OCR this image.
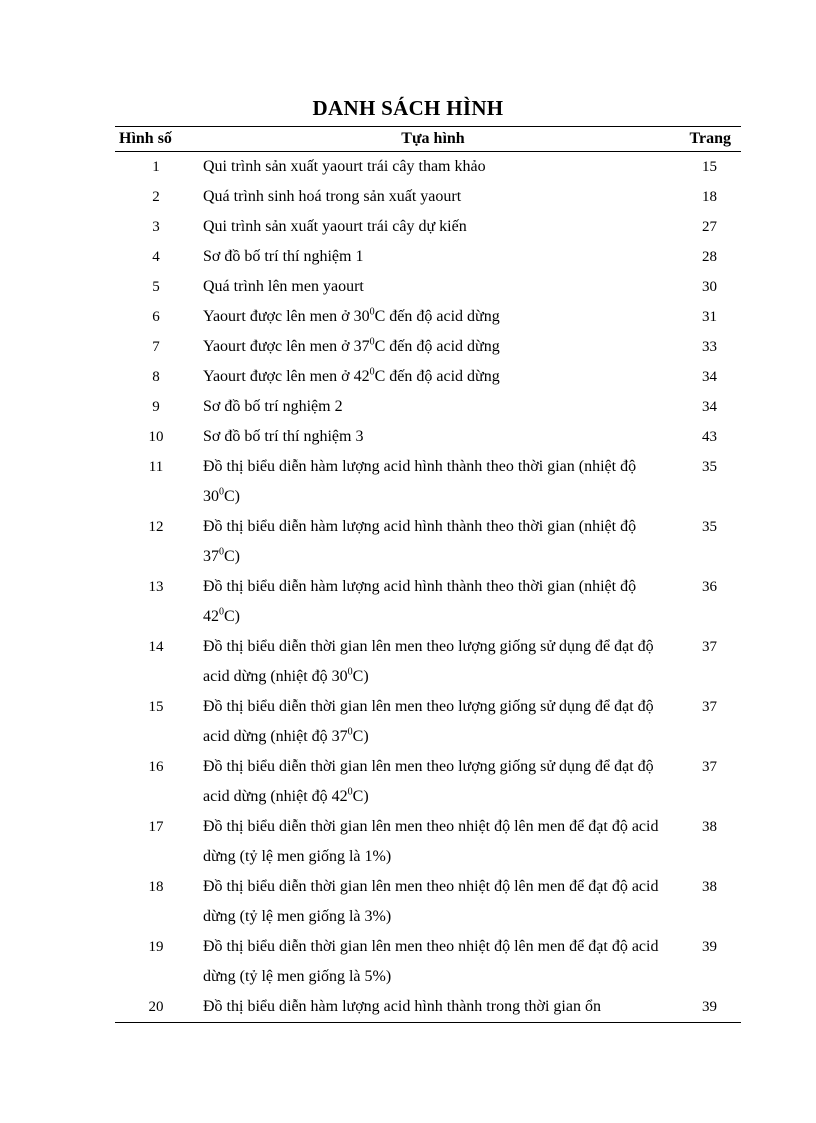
DANH SÁCH HÌNH
Hình số	Tựa hình	Trang
1	Qui trình sản xuất yaourt trái cây tham khảo	15
2	Quá trình sinh hoá trong sản xuất yaourt	18
3	Qui trình sản xuất yaourt trái cây dự kiến	27
4	Sơ đồ bố trí thí nghiệm 1	28
5	Quá trình lên men yaourt	30
6	Yaourt được lên men ở $30^0C$ đến độ acid dừng	31
7	Yaourt được lên men ở $37^0C$ đến độ acid dừng	33
8	Yaourt được lên men ở $42^0C$ đến độ acid dừng	34
9	Sơ đồ bố trí nghiệm 2	34
10	Sơ đồ bố trí thí nghiệm 3	43
11	Đồ thị biểu diễn hàm lượng acid hình thành theo thời gian (nhiệt độ $30^0C$)	35
12	Đồ thị biểu diễn hàm lượng acid hình thành theo thời gian (nhiệt độ $37^0C$)	35
13	Đồ thị biểu diễn hàm lượng acid hình thành theo thời gian (nhiệt độ $42^0C$)	36
14	Đồ thị biểu diễn thời gian lên men theo lượng giống sử dụng để đạt độ acid dừng (nhiệt độ $30^0C$)	37
15	Đồ thị biểu diễn thời gian lên men theo lượng giống sử dụng để đạt độ acid dừng (nhiệt độ $37^0C$)	37
16	Đồ thị biểu diễn thời gian lên men theo lượng giống sử dụng để đạt độ acid dừng (nhiệt độ $42^0C$)	37
17	Đồ thị biểu diễn thời gian lên men theo nhiệt độ lên men để đạt độ acid dừng (tỷ lệ men giống là 1%)	38
18	Đồ thị biểu diễn thời gian lên men theo nhiệt độ lên men để đạt độ acid dừng (tỷ lệ men giống là 3%)	38
19	Đồ thị biểu diễn thời gian lên men theo nhiệt độ lên men để đạt độ acid dừng (tỷ lệ men giống là 5%)	39
20	Đồ thị biểu diễn hàm lượng acid hình thành trong thời gian ổn	39
